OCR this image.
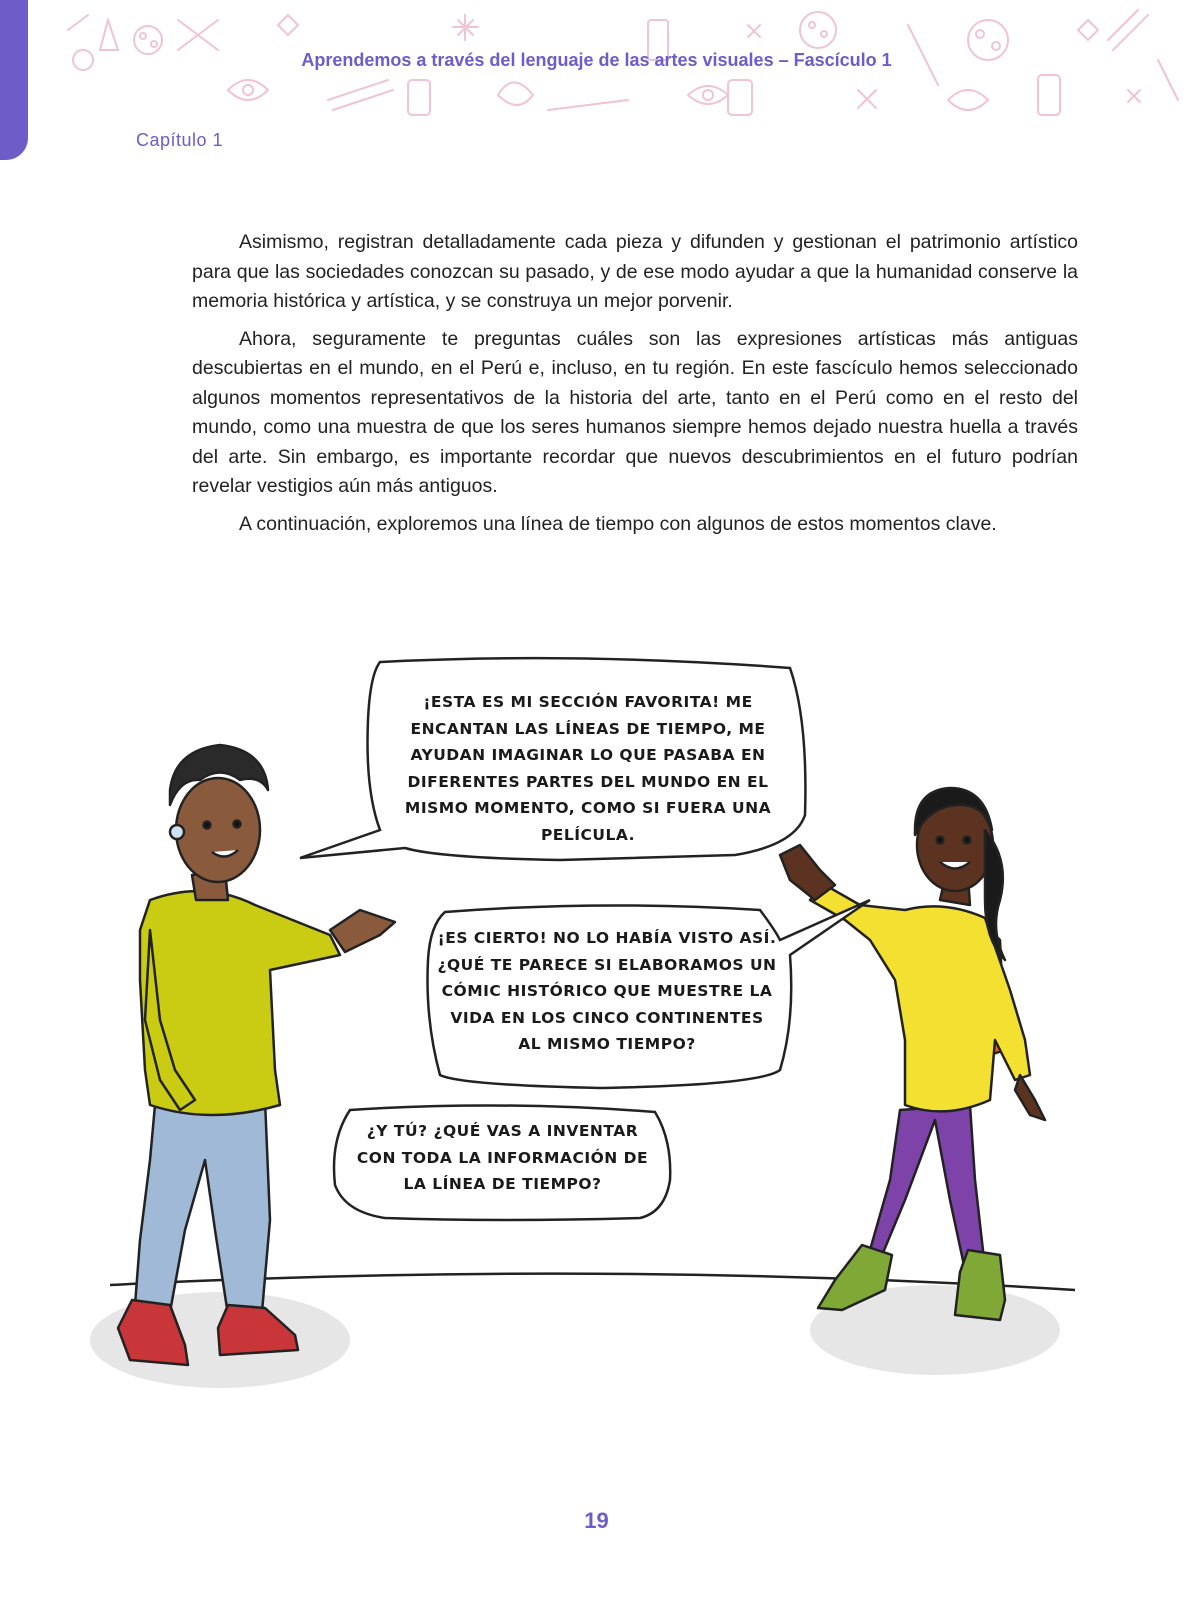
Aprendemos a través del lenguaje de las artes visuales – Fascículo 1
Capítulo 1

Asimismo, registran detalladamente cada pieza y difunden y gestionan el patrimonio artístico para que las sociedades conozcan su pasado, y de ese modo ayudar a que la humanidad conserve la memoria histórica y artística, y se construya un mejor porvenir.

Ahora, seguramente te preguntas cuáles son las expresiones artísticas más antiguas descubiertas en el mundo, en el Perú e, incluso, en tu región. En este fascículo hemos seleccionado algunos momentos representativos de la historia del arte, tanto en el Perú como en el resto del mundo, como una muestra de que los seres humanos siempre hemos dejado nuestra huella a través del arte. Sin embargo, es importante recordar que nuevos descubrimientos en el futuro podrían revelar vestigios aún más antiguos.

A continuación, exploremos una línea de tiempo con algunos de estos momentos clave.

¡ESTA ES MI SECCIÓN FAVORITA! ME ENCANTAN LAS LÍNEAS DE TIEMPO, ME AYUDAN IMAGINAR LO QUE PASABA EN DIFERENTES PARTES DEL MUNDO EN EL MISMO MOMENTO, COMO SI FUERA UNA PELÍCULA.
¡ES CIERTO! NO LO HABÍA VISTO ASÍ. ¿QUÉ TE PARECE SI ELABORAMOS UN CÓMIC HISTÓRICO QUE MUESTRE LA VIDA EN LOS CINCO CONTINENTES AL MISMO TIEMPO?
¿Y TÚ? ¿QUÉ VAS A INVENTAR CON TODA LA INFORMACIÓN DE LA LÍNEA DE TIEMPO?
19
